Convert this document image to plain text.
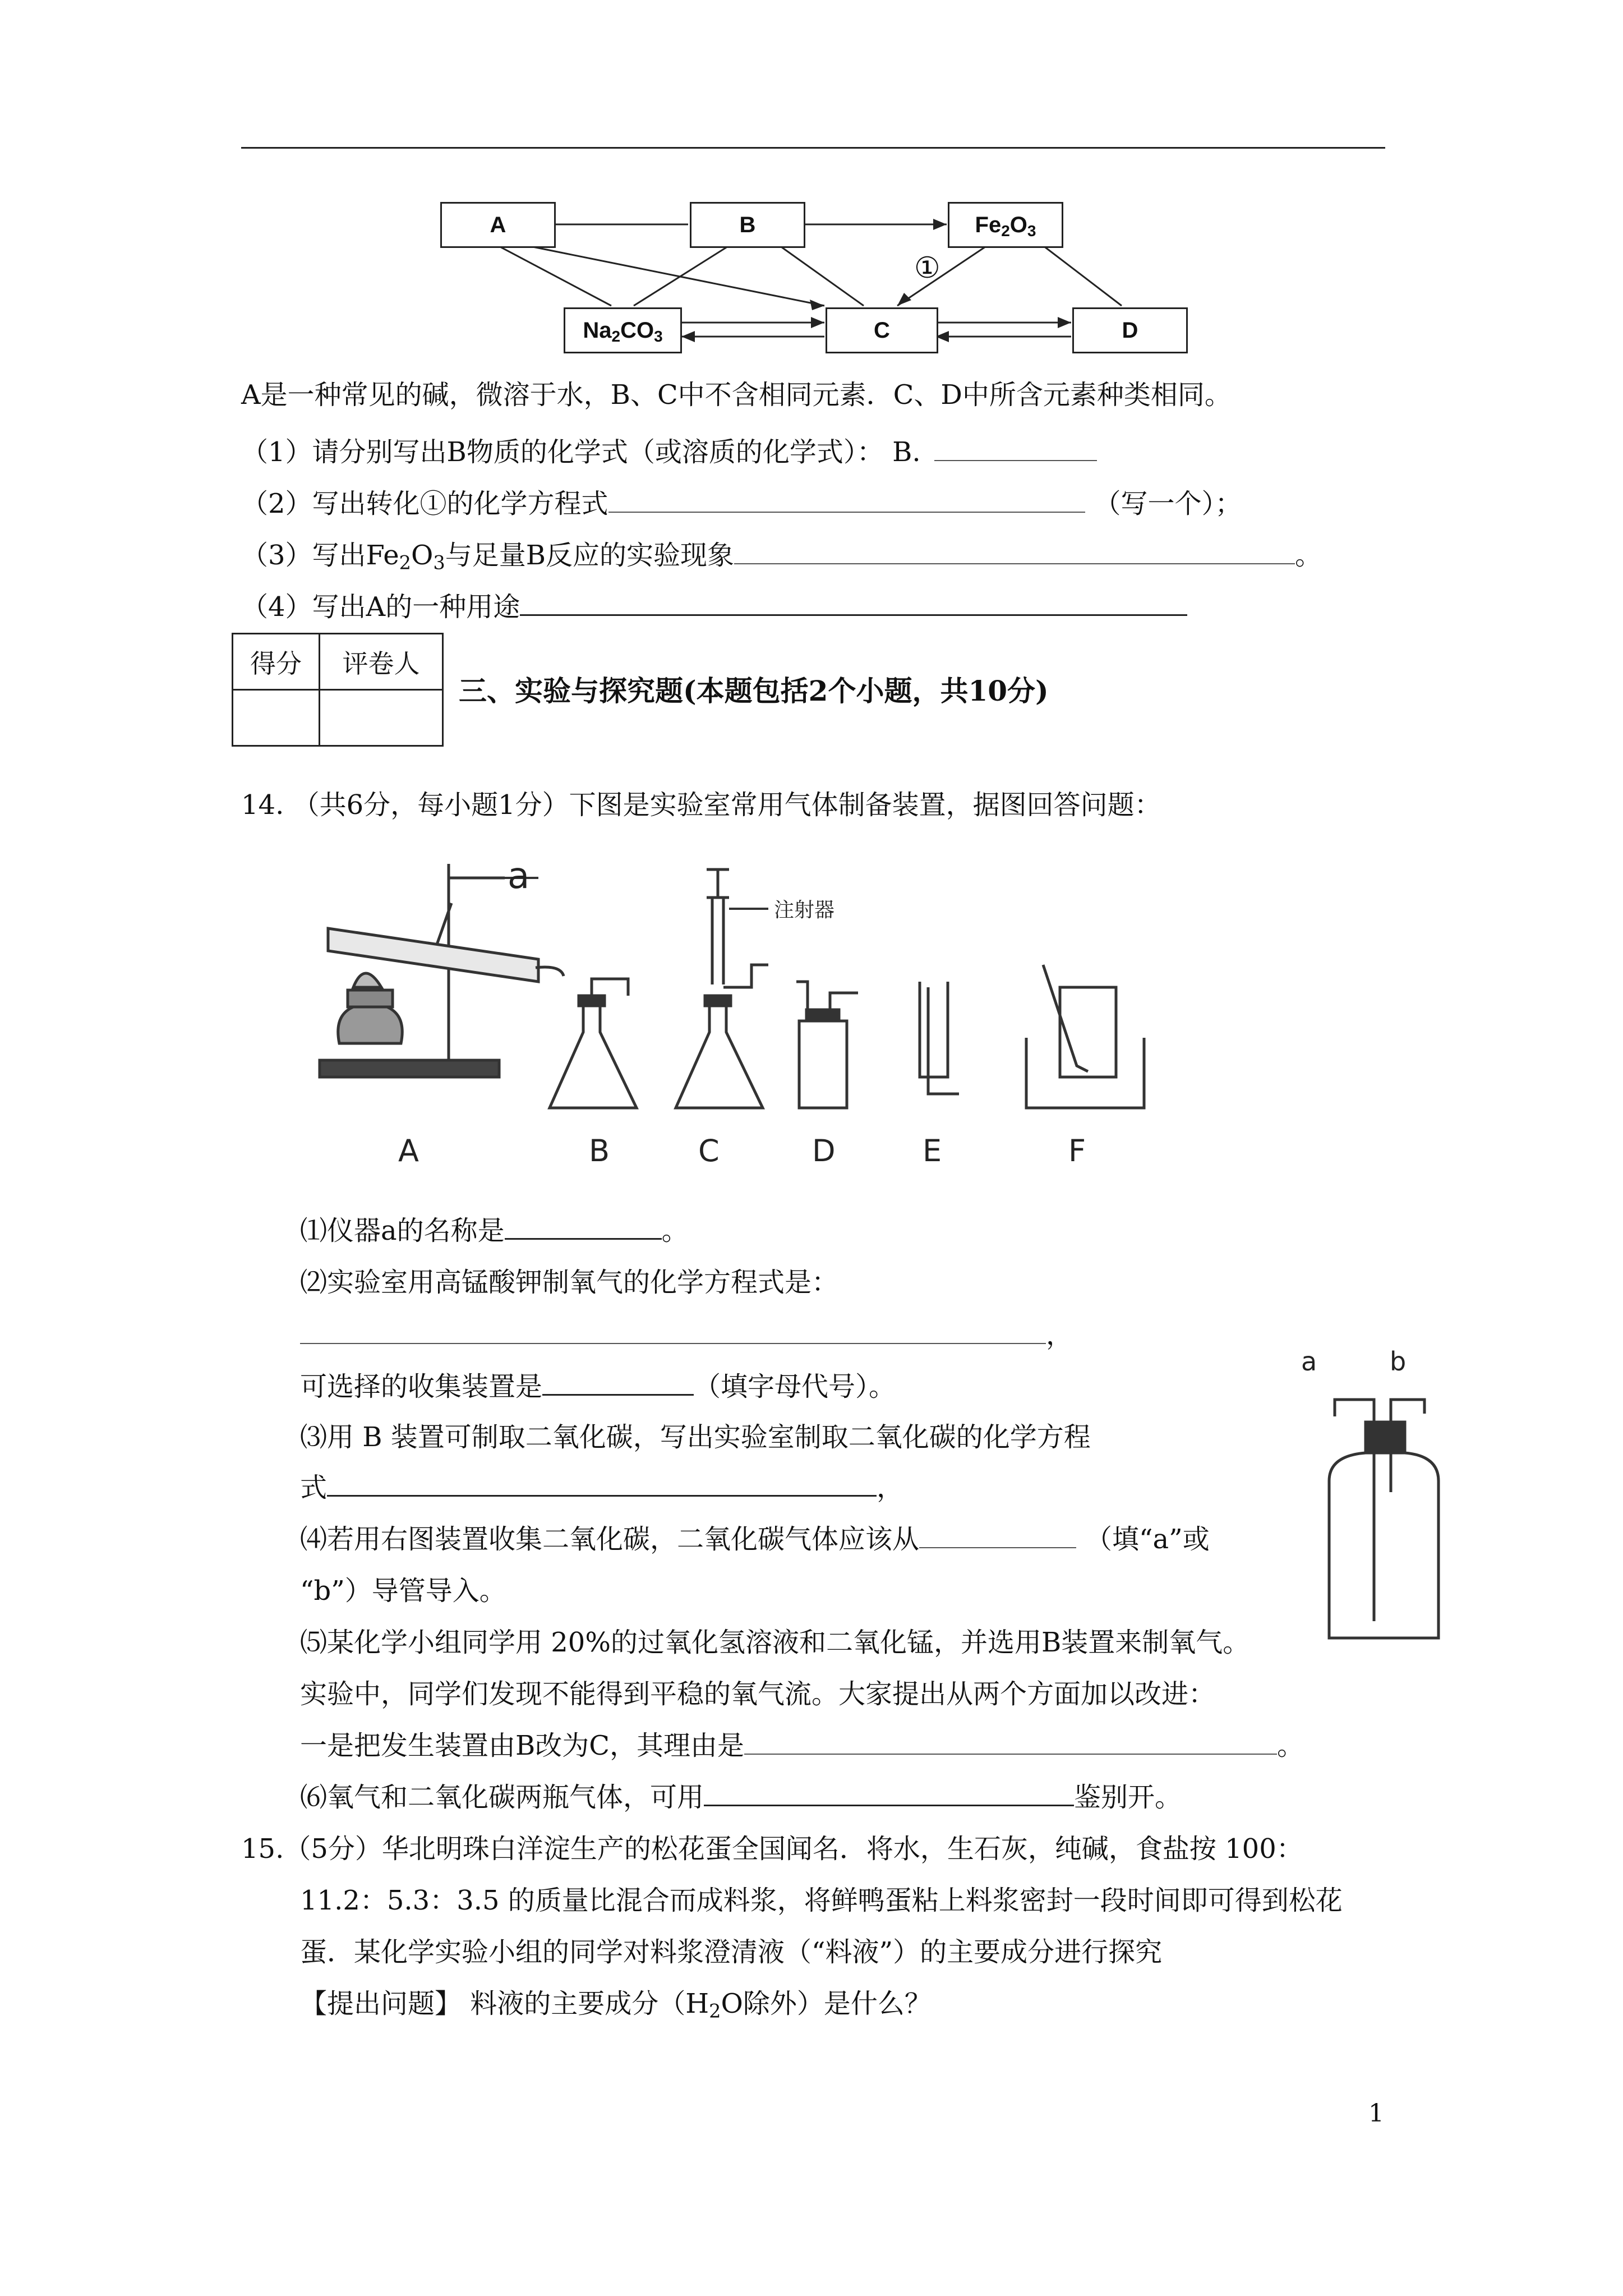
A	B	$Fe_2O_3$
$Na_2CO_3$	C	D
①
A是一种常见的碱，微溶于水，B、C中不含相同元素．C、D中所含元素种类相同。
（1）请分别写出B物质的化学式（或溶质的化学式）： B.
（2）写出转化①的化学方程式	（写一个）；
（3）写出$Fe_2O_3$与足量B反应的实验现象	。
（4）写出A的一种用途
得分	评卷人

三、实验与探究题(本题包括2个小题，共10分)
14. （共6分，每小题1分）下图是实验室常用气体制备装置，据图回答问题：
a
注射器
A	B	C	D	E	F
⑴仪器a的名称是	。
⑵实验室用高锰酸钾制氧气的化学方程式是：
，
可选择的收集装置是	（填字母代号）。
⑶用 B 装置可制取二氧化碳，写出实验室制取二氧化碳的化学方程
式	，
⑷若用右图装置收集二氧化碳，二氧化碳气体应该从	（填“a”或
“b”）导管导入。
a	b
⑸某化学小组同学用 20%的过氧化氢溶液和二氧化锰，并选用B装置来制氧气。
实验中，同学们发现不能得到平稳的氧气流。大家提出从两个方面加以改进：
一是把发生装置由B改为C，其理由是	。
⑹氧气和二氧化碳两瓶气体，可用	鉴别开。
15.（5分）华北明珠白洋淀生产的松花蛋全国闻名．将水，生石灰，纯碱，食盐按 100：
11.2：5.3：3.5 的质量比混合而成料浆，将鲜鸭蛋粘上料浆密封一段时间即可得到松花
蛋．某化学实验小组的同学对料浆澄清液（“料液”）的主要成分进行探究
【提出问题】 料液的主要成分（$H_2O$除外）是什么？
1
